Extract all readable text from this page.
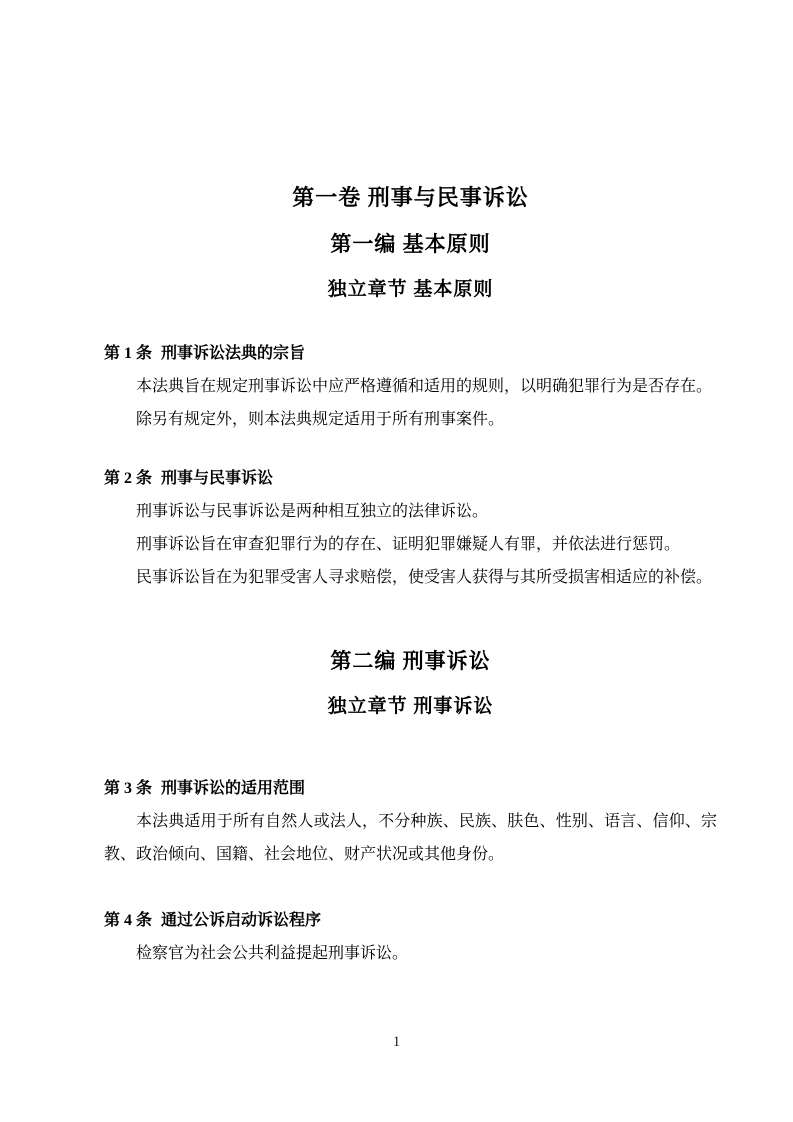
第一卷 刑事与民事诉讼
第一编 基本原则
独立章节 基本原则
第 1 条 刑事诉讼法典的宗旨

本法典旨在规定刑事诉讼中应严格遵循和适用的规则，以明确犯罪行为是否存在。

除另有规定外，则本法典规定适用于所有刑事案件。

第 2 条 刑事与民事诉讼

刑事诉讼与民事诉讼是两种相互独立的法律诉讼。

刑事诉讼旨在审查犯罪行为的存在、证明犯罪嫌疑人有罪，并依法进行惩罚。

民事诉讼旨在为犯罪受害人寻求赔偿，使受害人获得与其所受损害相适应的补偿。

第二编 刑事诉讼
独立章节 刑事诉讼
第 3 条 刑事诉讼的适用范围

本法典适用于所有自然人或法人，不分种族、民族、肤色、性别、语言、信仰、宗教、政治倾向、国籍、社会地位、财产状况或其他身份。

第 4 条 通过公诉启动诉讼程序

检察官为社会公共利益提起刑事诉讼。

1
